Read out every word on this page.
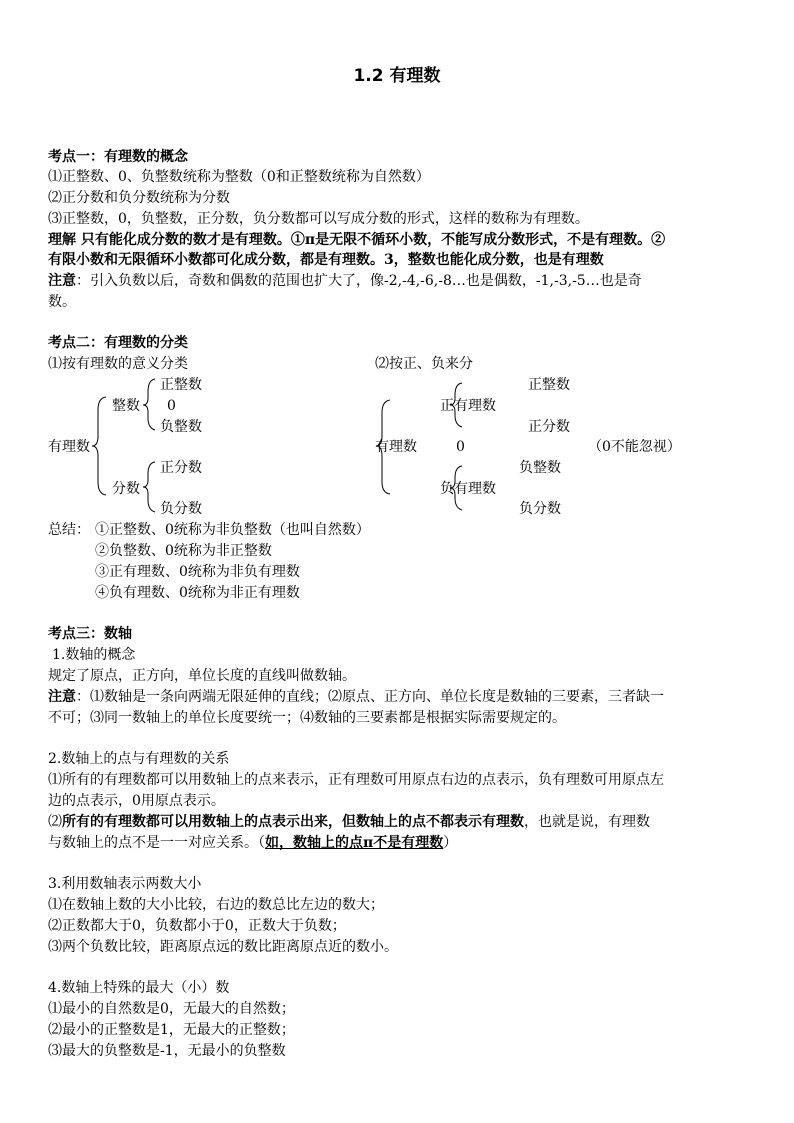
1.2 有理数
考点一：有理数的概念
⑴正整数、0、负整数统称为整数（0和正整数统称为自然数）
⑵正分数和负分数统称为分数
⑶正整数，0，负整数，正分数，负分数都可以写成分数的形式，这样的数称为有理数。
理解 只有能化成分数的数才是有理数。①π是无限不循环小数，不能写成分数形式，不是有理数。②
有限小数和无限循环小数都可化成分数，都是有理数。3，整数也能化成分数，也是有理数
注意：引入负数以后，奇数和偶数的范围也扩大了，像-2,-4,-6,-8…也是偶数，-1,-3,-5…也是奇
数。
考点二：有理数的分类
⑴按有理数的意义分类	⑵按正、负来分
有理数
整数
正整数
0
负整数
分数
正分数
负分数
有理数
正有理数
正整数
正分数
0	（0不能忽视）
负有理数
负整数
负分数
总结： ①正整数、0统称为非负整数（也叫自然数）
②负整数、0统称为非正整数
③正有理数、0统称为非负有理数
④负有理数、0统称为非正有理数
考点三：数轴
1.数轴的概念
规定了原点，正方向，单位长度的直线叫做数轴。
注意：⑴数轴是一条向两端无限延伸的直线；⑵原点、正方向、单位长度是数轴的三要素，三者缺一
不可；⑶同一数轴上的单位长度要统一；⑷数轴的三要素都是根据实际需要规定的。
2.数轴上的点与有理数的关系
⑴所有的有理数都可以用数轴上的点来表示，正有理数可用原点右边的点表示，负有理数可用原点左
边的点表示，0用原点表示。
⑵所有的有理数都可以用数轴上的点表示出来，但数轴上的点不都表示有理数，也就是说，有理数
与数轴上的点不是一一对应关系。（如，数轴上的点π不是有理数）
3.利用数轴表示两数大小
⑴在数轴上数的大小比较，右边的数总比左边的数大；
⑵正数都大于0，负数都小于0，正数大于负数；
⑶两个负数比较，距离原点远的数比距离原点近的数小。
4.数轴上特殊的最大（小）数
⑴最小的自然数是0，无最大的自然数；
⑵最小的正整数是1，无最大的正整数；
⑶最大的负整数是-1，无最小的负整数
